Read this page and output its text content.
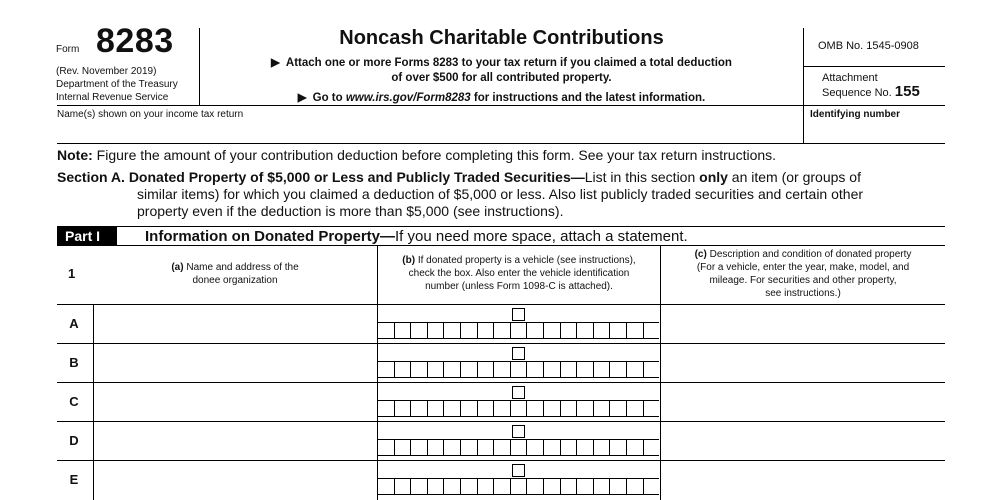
Form 8283
(Rev. November 2019)
Department of the Treasury
Internal Revenue Service
Noncash Charitable Contributions
▶ Attach one or more Forms 8283 to your tax return if you claimed a total deduction
of over $500 for all contributed property.
▶ Go to www.irs.gov/Form8283 for instructions and the latest information.
OMB No. 1545-0908
Attachment
Sequence No. 155
Name(s) shown on your income tax return	Identifying number
Note: Figure the amount of your contribution deduction before completing this form. See your tax return instructions.
Section A. Donated Property of $5,000 or Less and Publicly Traded Securities—List in this section only an item (or groups of
similar items) for which you claimed a deduction of $5,000 or less. Also list publicly traded securities and certain other
property even if the deduction is more than $5,000 (see instructions).
Part I	Information on Donated Property—If you need more space, attach a statement.
1	(a) Name and address of the
donee organization
(b) If donated property is a vehicle (see instructions),
check the box. Also enter the vehicle identification
number (unless Form 1098-C is attached).
(c) Description and condition of donated property
(For a vehicle, enter the year, make, model, and
mileage. For securities and other property,
see instructions.)
A
B
C
D
E
